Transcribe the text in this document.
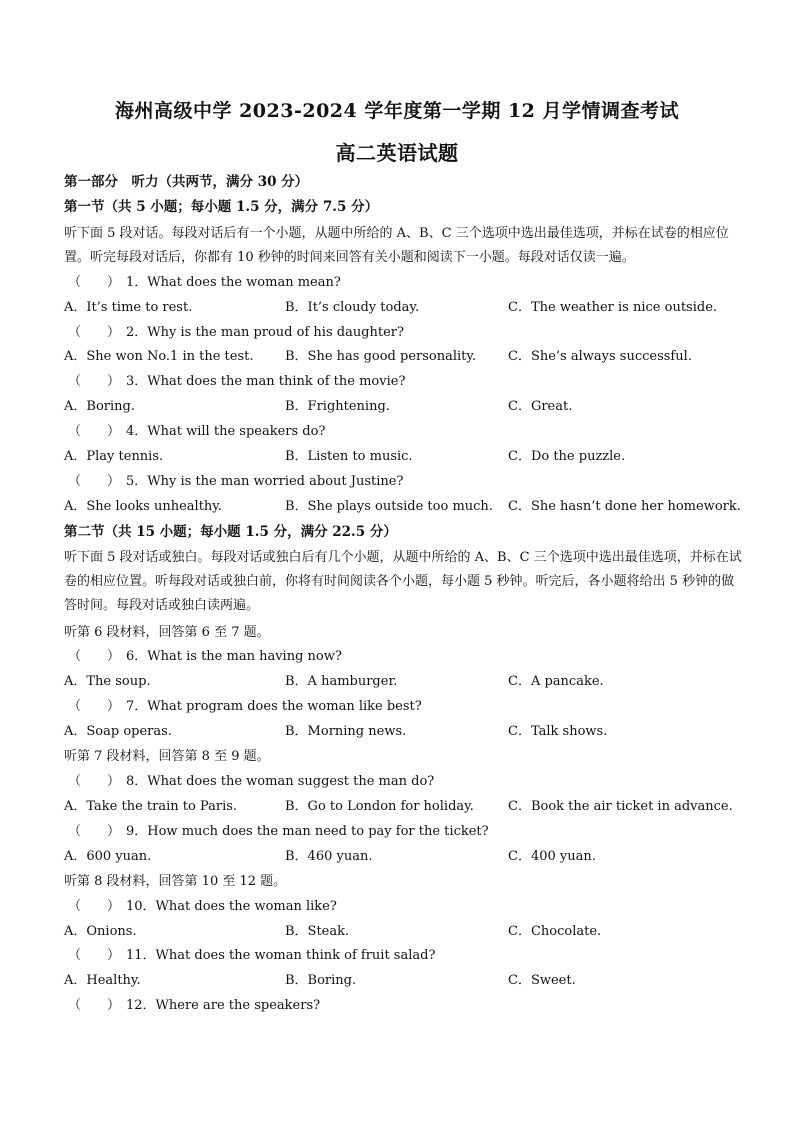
海州高级中学 2023-2024 学年度第一学期 12 月学情调查考试
高二英语试题
第一部分　听力（共两节，满分 30 分）
第一节（共 5 小题；每小题 1.5 分，满分 7.5 分）
听下面 5 段对话。每段对话后有一个小题，从题中所给的 A、B、C 三个选项中选出最佳选项，并标在试卷的相应位置。听完每段对话后，你都有 10 秒钟的时间来回答有关小题和阅读下一小题。每段对话仅读一遍。
（　　） 1．What does the woman mean?
A．It’s time to rest.	B．It’s cloudy today.	C．The weather is nice outside.
（　　） 2．Why is the man proud of his daughter?
A．She won No.1 in the test. B．She has good personality. C．She’s always successful.
（　　） 3．What does the man think of the movie?
A．Boring.	B．Frightening.	C．Great.
（　　） 4．What will the speakers do?
A．Play tennis.	B．Listen to music.	C．Do the puzzle.
（　　） 5．Why is the man worried about Justine?
A．She looks unhealthy.	B．She plays outside too much. C．She hasn’t done her homework.
第二节（共 15 小题；每小题 1.5 分，满分 22.5 分）
听下面 5 段对话或独白。每段对话或独白后有几个小题，从题中所给的 A、B、C 三个选项中选出最佳选项，并标在试卷的相应位置。听每段对话或独白前，你将有时间阅读各个小题，每小题 5 秒钟。听完后，各小题将给出 5 秒钟的做答时间。每段对话或独白读两遍。
听第 6 段材料，回答第 6 至 7 题。
（　　） 6．What is the man having now?
A．The soup.	B．A hamburger.	C．A pancake.
（　　） 7．What program does the woman like best?
A．Soap operas.	B．Morning news.	C．Talk shows.
听第 7 段材料，回答第 8 至 9 题。
（　　） 8．What does the woman suggest the man do?
A．Take the train to Paris.	B．Go to London for holiday.	C．Book the air ticket in advance.
（　　） 9．How much does the man need to pay for the ticket?
A．600 yuan.	B．460 yuan.	C．400 yuan.
听第 8 段材料，回答第 10 至 12 题。
（　　） 10．What does the woman like?
A．Onions.	B．Steak.	C．Chocolate.
（　　） 11．What does the woman think of fruit salad?
A．Healthy.	B．Boring.	C．Sweet.
（　　） 12．Where are the speakers?
